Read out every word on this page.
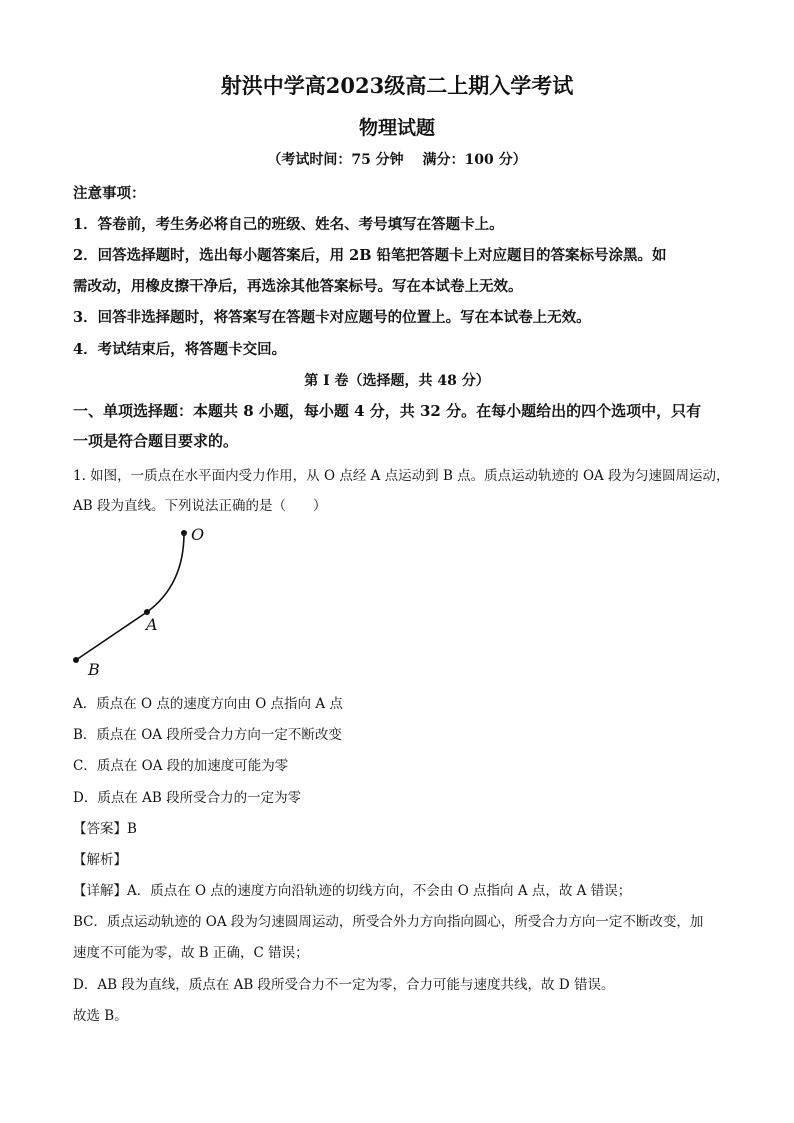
射洪中学高2023级高二上期入学考试
物理试题
（考试时间：75 分钟　 满分：100 分）
注意事项：
1．答卷前，考生务必将自己的班级、姓名、考号填写在答题卡上。
2．回答选择题时，选出每小题答案后，用 2B 铅笔把答题卡上对应题目的答案标号涂黑。如
需改动，用橡皮擦干净后，再选涂其他答案标号。写在本试卷上无效。
3．回答非选择题时，将答案写在答题卡对应题号的位置上。写在本试卷上无效。
4．考试结束后，将答题卡交回。
第 I 卷（选择题，共 48 分）
一、单项选择题：本题共 8 小题，每小题 4 分，共 32 分。在每小题给出的四个选项中，只有
一项是符合题目要求的。
1. 如图，一质点在水平面内受力作用，从 O 点经 A 点运动到 B 点。质点运动轨迹的 OA 段为匀速圆周运动，
AB 段为直线。下列说法正确的是（　　）
O
A
B
A．质点在 O 点的速度方向由 O 点指向 A 点
B．质点在 OA 段所受合力方向一定不断改变
C．质点在 OA 段的加速度可能为零
D．质点在 AB 段所受合力的一定为零
【答案】B
【解析】
【详解】A．质点在 O 点的速度方向沿轨迹的切线方向，不会由 O 点指向 A 点，故 A 错误；
BC．质点运动轨迹的 OA 段为匀速圆周运动，所受合外力方向指向圆心，所受合力方向一定不断改变，加
速度不可能为零，故 B 正确，C 错误；
D．AB 段为直线，质点在 AB 段所受合力不一定为零，合力可能与速度共线，故 D 错误。
故选 B。
